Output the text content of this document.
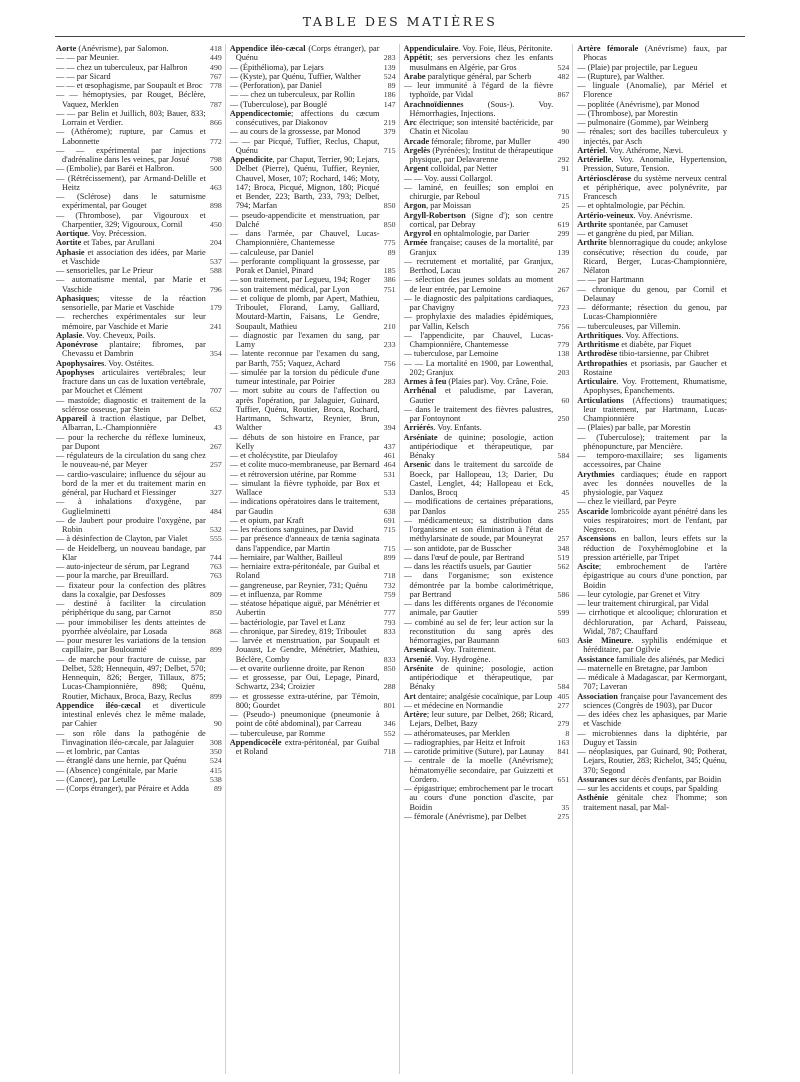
TABLE DES MATIÈRES
Aorte (Anévrisme), par Salomon.	418
— — par Meunier.	449
— — chez un tuberculeux, par Halbron	490
— — par Sicard	767
— — et œsophagisme, par Soupault et Broc 778
— — hémoptysies, par Rouget, Béclère, Vaquez, Merklen	787
— — par Belin et Juillich, 803; Bauer, 833; Lorrain et Verdier.	866
— (Athérome); rupture, par Camus et Labonnette	772
— — expérimental par injections d'adrénaline dans les veines, par Josué	798
— (Embolie), par Baréi et Halbron.	500
— (Rétrécissement), par Armand-Delille et Heitz	463
— (Sclérose) dans le saturnisme expérimental, par Gouget	898
— (Thrombose), par Vigouroux et Charpentier, 329; Vigouroux, Cornil	450
Aortique. Voy. Précession.
Aortite et Tabes, par Arullani	204
Aphasie et association des idées, par Marie et Vaschide	537
— sensorielles, par Le Prieur	588
— automatisme mental, par Marie et Vaschide	796
Aphasiques; vitesse de la réaction sensorielle, par Marie et Vaschide	179
— recherches expérimentales sur leur mémoire, par Vaschide et Marie	241
Aplasie. Voy. Cheveux, Poils.
Aponévrose plantaire; fibromes, par Chevassu et Dambrin	354
Apophysaires. Voy. Ostéites.
Apophyses articulaires vertébrales; leur fracture dans un cas de luxation vertébrale, par Mouchet et Clément	707
— mastoïde; diagnostic et traitement de la sclérose osseuse, par Stein	652
Appareil à traction élastique, par Delbet, Albarran, L.-Championnière	43
— pour la recherche du réflexe lumineux, par Dupont	267
— régulateurs de la circulation du sang chez le nouveau-né, par Meyer	257
— cardio-vasculaire; influence du séjour au bord de la mer et du traitement marin en général, par Huchard et Fiessinger	327
— à inhalations d'oxygène, par Guglielminetti	484
— de Jaubert pour produire l'oxygène, par Robin	532
— à désinfection de Clayton, par Vialet	555
— de Heidelberg, un nouveau bandage, par Klar	744
— auto-injecteur de sérum, par Legrand	763
— pour la marche, par Breuillard.	763
— fixateur pour la confection des plâtres dans la coxalgie, par Desfosses	809
— destiné à faciliter la circulation périphérique du sang, par Carnot	850
— pour immobiliser les dents atteintes de pyorrhée alvéolaire, par Losada	868
— pour mesurer les variations de la tension capillaire, par Bouloumié	899
— de marche pour fracture de cuisse, par Delbet, 528; Hennequin, 497; Delbet, 570; Hennequin, 826; Berger, Tillaux, 875; Lucas-Championnière, 898; Quénu, Routier, Michaux, Broca, Bazy, Reclus	899
Appendice iléo-cæcal et diverticule intestinal enlevés chez le même malade, par Cahier	90
— son rôle dans la pathogénie de l'invagination iléo-cæcale, par Jalaguier	308
— et lombric, par Cantas	350
— étranglé dans une hernie, par Quénu	524
— (Absence) congénitale, par Marie	415
— (Cancer), par Letulle	538
— (Corps étranger), par Péraire et Adda	89
Appendice iléo-cæcal (Corps étranger), par Quénu	283
— (Épithélioma), par Lejars	139
— (Kyste), par Quénu, Tuffier, Walther	524
— (Perforation), par Daniel	89
— — chez un tuberculeux, par Rollin	186
— (Tuberculose), par Bouglé	147
Appendicectomie; affections du cæcum consécutives, par Diakonov	219
— au cours de la grossesse, par Monod	379
— — par Picqué, Tuffier, Reclus, Chaput, Quénu	715
Appendicite, par Chaput, Terrier, 90; Lejars, Delbet (Pierre), Quénu, Tuffier, Reynier, Chauvel, Moser, 107; Rochard, 146; Moty, 147; Broca, Picqué, Mignon, 180; Picqué et Bender, 223; Barth, 233, 793; Delbet, 794; Marfan	850
— pseudo-appendicite et menstruation, par Dalché	850
— dans l'armée, par Chauvel, Lucas-Championnière, Chantemesse	775
— calculeuse, par Daniel	89
— perforante compliquant la grossesse, par Porak et Daniel, Pinard	185
— son traitement, par Legueu, 194; Roger	386
— son traitement médical, par Lyon	751
— et colique de plomb, par Apert, Mathieu, Triboulet, Florand, Lamy, Galliard, Moutard-Martin, Faisans, Le Gendre, Soupault, Mathieu	210
— diagnostic par l'examen du sang, par Lamy	233
— latente reconnue par l'examen du sang, par Barth, 755; Vaquez, Achard	756
— simulée par la torsion du pédicule d'une tumeur intestinale, par Poirier	283
— mort subite au cours de l'affection ou après l'opération, par Jalaguier, Guinard, Tuffier, Quénu, Routier, Broca, Rochard, Hartmann, Schwartz, Reynier, Brun, Walther	394
— débuts de son histoire en France, par Kelly	437
— et cholécystite, par Dieulafoy	461
— et colite muco-membraneuse, par Bernard 464
— et rétroversion utérine, par Romme	531
— simulant la fièvre typhoïde, par Box et Wallace	533
— indications opératoires dans le traitement, par Gaudin	638
— et opium, par Kraft	691
— les réactions sanguines, par David	715
— par présence d'anneaux de tænia saginata dans l'appendice, par Martin	715
— herniaire, par Walther, Bailleul	899
— herniaire extra-péritonéale, par Guibal et Roland	718
— gangreneuse, par Reynier, 731; Quénu	732
— et influenza, par Romme	759
— stéatose hépatique aiguë, par Ménétrier et Aubertin	777
— bactériologie, par Tavel et Lanz	793
— chronique, par Siredey, 819; Triboulet	833
— larvée et menstruation, par Soupault et Jouaust, Le Gendre, Ménétrier, Mathieu, Béclère, Comby	833
— et ovarite ourlienne droite, par Renon	850
— et grossesse, par Oui, Lepage, Pinard, Schwartz, 234; Croizier	288
— et grossesse extra-utérine, par Témoin, 800; Gourdet	801
— (Pseudo-) pneumonique (pneumonie à point de côté abdominal), par Carreau	346
— tuberculeuse, par Romme	552
Appendicocèle extra-péritonéal, par Guibal et Roland	718
Appendiculaire. Voy. Foie, Iléus, Péritonite.
Appétit; ses perversions chez les enfants musulmans en Algérie, par Gros	524
Arabe paralytique général, par Scherb	482
— leur immunité à l'égard de la fièvre typhoïde, par Vidal	867
Arachnoïdiennes (Sous-). Voy. Hémorrhagies, Injections.
Arc électrique; son intensité bactéricide, par Chatin et Nicolau	90
Arcade fémorale; fibrome, par Muller	490
Argelès (Pyrénées); Institut de thérapeutique physique, par Delavarenne	292
Argent colloïdal, par Netter	91
— — Voy. aussi Collargol.
— laminé, en feuilles; son emploi en chirurgie, par Reboul	715
Argon, par Moissan	25
Argyll-Robertson (Signe d'); son centre cortical, par Debray	619
Argyrol en ophtalmologie, par Darier	299
Armée française; causes de la mortalité, par Granjux	139
— recrutement et mortalité, par Granjux, Berthod, Lacau	267
— sélection des jeunes soldats au moment de leur entrée, par Lemoine	267
— le diagnostic des palpitations cardiaques, par Chavigny	723
— prophylaxie des maladies épidémiques, par Vallin, Kelsch	756
— l'appendicite, par Chauvel, Lucas-Championnière, Chantemesse	779
— tuberculose, par Lemoine	138
— — La mortalité en 1900, par Lowenthal, 202; Granjux	203
Armes à feu (Plaies par). Voy. Crâne, Foie.
Arrhénal et paludisme, par Laveran, Gautier	60
— dans le traitement des fièvres palustres, par Fontoynont	250
Arriérés. Voy. Enfants.
Arséniate de quinine; posologie, action antipériodique et thérapeutique, par Bénaky	584
Arsenic dans le traitement du sarcoïde de Boeck, par Hallopeau, 13; Darier, Du Castel, Lenglet, 44; Hallopeau et Eck, Danlos, Brocq	45
— modifications de certaines préparations, par Danlos	255
— médicamenteux; sa distribution dans l'organisme et son élimination à l'état de méthylarsinate de soude, par Mouneyrat	257
— son antidote, par de Busscher	348
— dans l'œuf de poule, par Bertrand	519
— dans les réactifs usuels, par Gautier	562
— dans l'organisme; son existence démontrée par la bombe calorimétrique, par Bertrand	586
— dans les différents organes de l'économie animale, par Gautier	599
— combiné au sel de fer; leur action sur la reconstitution du sang après des hémorragies, par Baumann	603
Arsenical. Voy. Traitement.
Arsenié. Voy. Hydrogène.
Arsénite de quinine; posologie, action antipériodique et thérapeutique, par Bénaky	584
Art dentaire; analgésie cocaïnique, par Loup 405
— et médecine en Normandie	277
Artère; leur suture, par Delbet, 268; Ricard, Lejars, Delbet, Bazy	279
— athéromateuses, par Merklen	8
— radiographies, par Heitz et Infroit	163
— carotide primitive (Suture), par Launay	841
— centrale de la moelle (Anévrisme); hématomyélie secondaire, par Guizzetti et Cordero.	651
— épigastrique; embrochement par le trocart au cours d'une ponction d'ascite, par Boidin	35
— fémorale (Anévrisme), par Delbet	275
Artère fémorale (Anévrisme) faux, par Phocas
— (Plaie) par projectile, par Legueu
— (Rupture), par Walther.
— linguale (Anomalie), par Mériel et Florence
— poplitée (Anévrisme), par Monod
— (Thrombose), par Morestin
— pulmonaire (Gomme), par Weinberg
— rénales; sort des bacilles tuberculeux y injectés, par Asch
Artériel. Voy. Athérome, Nævi.
Artérielle. Voy. Anomalie, Hypertension, Pression, Suture, Tension.
Artériosclérose du système nerveux central et périphérique, avec polynévrite, par Francesch
— et ophtalmologie, par Péchin.
Artério-veineux. Voy. Anévrisme.
Arthrite spontanée, par Camuset
— et gangrène du pied, par Milian.
Arthrite blennorragique du coude; ankylose consécutive; résection du coude, par Ricard, Berger, Lucas-Championnière, Nélaton
— — par Hartmann
— chronique du genou, par Cornil et Delaunay
— déformante; résection du genou, par Lucas-Championnière
— tuberculeuses, par Villemin.
Arthritiques. Voy. Affections.
Arthritisme et diabète, par Fiquet
Arthrodèse tibio-tarsienne, par Chibret
Arthropathies et psoriasis, par Gaucher et Rostaine
Articulaire. Voy. Frottement, Rhumatisme, Apophyses, Épanchements.
Articulations (Affections) traumatiques; leur traitement, par Hartmann, Lucas-Championnière
— (Plaies) par balle, par Morestin
— (Tuberculose); traitement par la phénopuncture, par Mencière.
— temporo-maxillaire; ses ligaments accessoires, par Chaine
Arythmies cardiaques; étude en rapport avec les données nouvelles de la physiologie, par Vaquez
— chez le vieillard, par Peyre
Ascaride lombricoïde ayant pénétré dans les voies respiratoires; mort de l'enfant, par Negresco.
Ascensions en ballon, leurs effets sur la réduction de l'oxyhémoglobine et la pression artérielle, par Tripet
Ascite; embrochement de l'artère épigastrique au cours d'une ponction, par Boidin
— leur cytologie, par Grenet et Vitry
— leur traitement chirurgical, par Vidal
— cirrhotique et alcoolique; chloruration et déchloruration, par Achard, Paisseau, Widal, 787; Chauffard
Asie Mineure. syphilis endémique et héréditaire, par Ogilvie
Assistance familiale des aliénés, par Medici
— maternelle en Bretagne, par Jambon
— médicale à Madagascar, par Kermorgant, 707; Laveran
Association française pour l'avancement des sciences (Congrès de 1903), par Ducor
— des idées chez les aphasiques, par Marie et Vaschide
— microbiennes dans la diphtérie, par Duguy et Tassin
— néoplasiques, par Guinard, 90; Potherat, Lejars, Routier, 283; Richelot, 345; Quénu, 370; Segond
Assurances sur décès d'enfants, par Boidin
— sur les accidents et coups, par Spalding
Asthénie génitale chez l'homme; son traitement nasal, par Mal-
